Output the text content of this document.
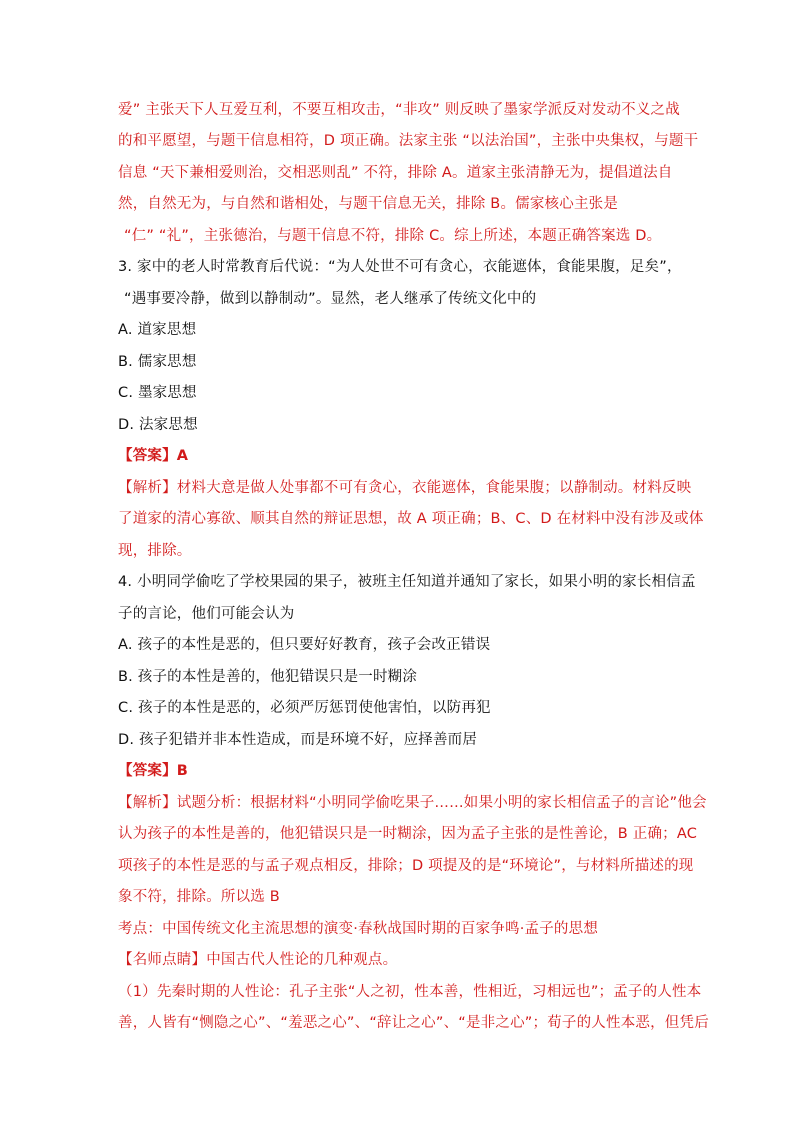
爱” 主张天下人互爱互利，不要互相攻击，“非攻” 则反映了墨家学派反对发动不义之战
的和平愿望，与题干信息相符，D 项正确。法家主张 “以法治国”，主张中央集权，与题干
信息 “天下兼相爱则治，交相恶则乱” 不符，排除 A。道家主张清静无为，提倡道法自
然，自然无为，与自然和谐相处，与题干信息无关，排除 B。儒家核心主张是
“仁” “礼”，主张德治，与题干信息不符，排除 C。综上所述，本题正确答案选 D。
3. 家中的老人时常教育后代说：“为人处世不可有贪心，衣能遮体，食能果腹，足矣”，
“遇事要冷静，做到以静制动”。显然，老人继承了传统文化中的
A. 道家思想
B. 儒家思想
C. 墨家思想
D. 法家思想
【答案】A
【解析】材料大意是做人处事都不可有贪心，衣能遮体，食能果腹；以静制动。材料反映
了道家的清心寡欲、顺其自然的辩证思想，故 A 项正确；B、C、D 在材料中没有涉及或体
现，排除。
4. 小明同学偷吃了学校果园的果子，被班主任知道并通知了家长，如果小明的家长相信孟
子的言论，他们可能会认为
A. 孩子的本性是恶的，但只要好好教育，孩子会改正错误
B. 孩子的本性是善的，他犯错误只是一时糊涂
C. 孩子的本性是恶的，必须严厉惩罚使他害怕，以防再犯
D. 孩子犯错并非本性造成，而是环境不好，应择善而居
【答案】B
【解析】试题分析：根据材料“小明同学偷吃果子……如果小明的家长相信孟子的言论”他会
认为孩子的本性是善的，他犯错误只是一时糊涂，因为孟子主张的是性善论，B 正确；AC
项孩子的本性是恶的与孟子观点相反，排除；D 项提及的是“环境论”，与材料所描述的现
象不符，排除。所以选 B
考点：中国传统文化主流思想的演变·春秋战国时期的百家争鸣·孟子的思想
【名师点睛】中国古代人性论的几种观点。
（1）先秦时期的人性论：孔子主张“人之初，性本善，性相近，习相远也”；孟子的人性本
善，人皆有“恻隐之心”、“羞恶之心”、“辞让之心”、“是非之心”；荀子的人性本恶，但凭后
